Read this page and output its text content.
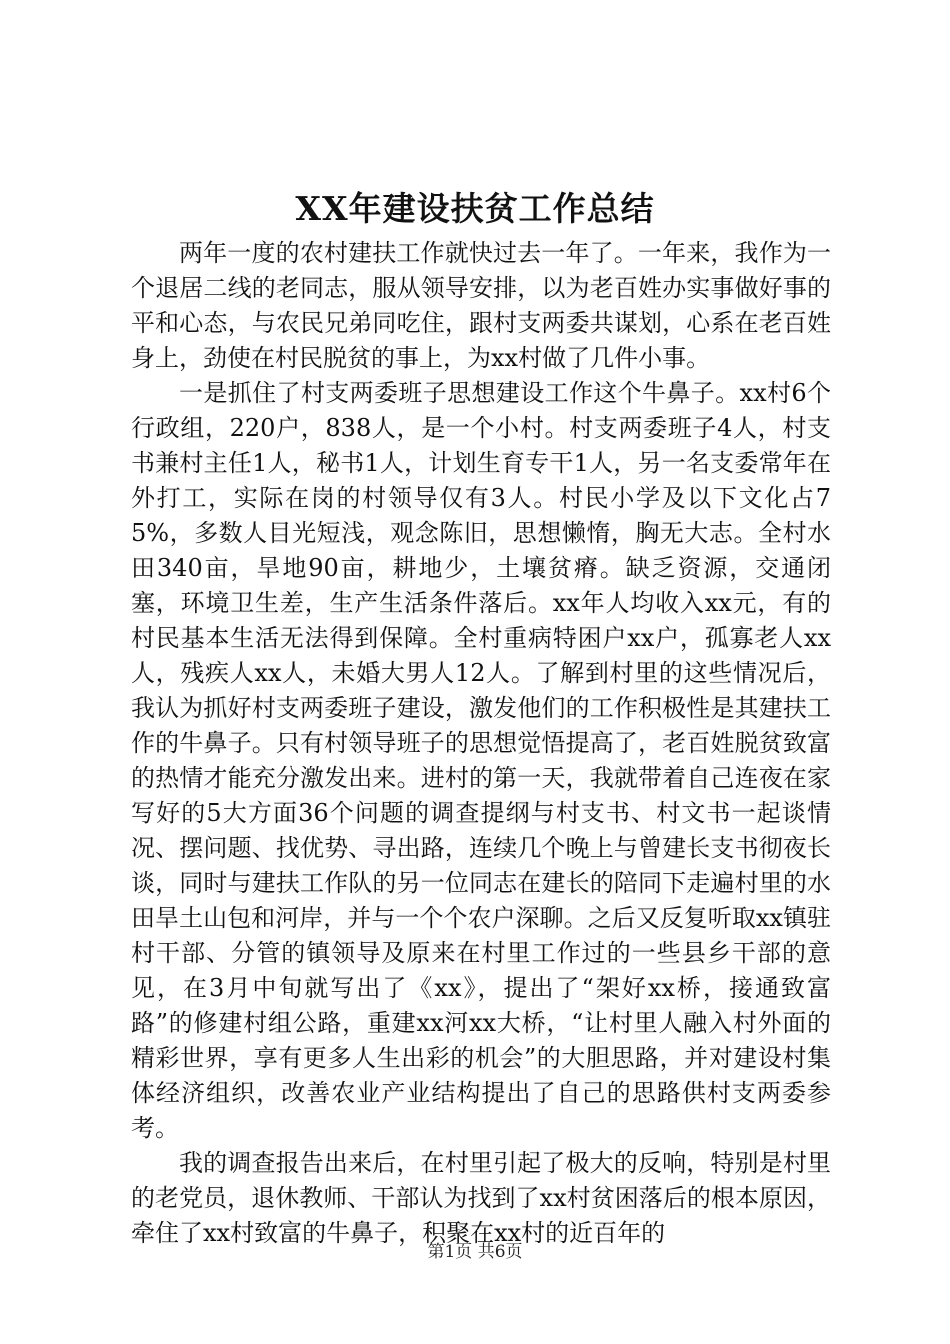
XX年建设扶贫工作总结

两年一度的农村建扶工作就快过去一年了。一年来，我作为一个退居二线的老同志，服从领导安排，以为老百姓办实事做好事的平和心态，与农民兄弟同吃住，跟村支两委共谋划，心系在老百姓身上，劲使在村民脱贫的事上，为xx村做了几件小事。

一是抓住了村支两委班子思想建设工作这个牛鼻子。xx村6个行政组，220户，838人，是一个小村。村支两委班子4人，村支书兼村主任1人，秘书1人，计划生育专干1人，另一名支委常年在外打工，实际在岗的村领导仅有3人。村民小学及以下文化占75%，多数人目光短浅，观念陈旧，思想懒惰，胸无大志。全村水田340亩，旱地90亩，耕地少，土壤贫瘠。缺乏资源，交通闭塞，环境卫生差，生产生活条件落后。xx年人均收入xx元，有的村民基本生活无法得到保障。全村重病特困户xx户，孤寡老人xx人，残疾人xx人，未婚大男人12人。了解到村里的这些情况后，我认为抓好村支两委班子建设，激发他们的工作积极性是其建扶工作的牛鼻子。只有村领导班子的思想觉悟提高了，老百姓脱贫致富的热情才能充分激发出来。进村的第一天，我就带着自己连夜在家写好的5大方面36个问题的调查提纲与村支书、村文书一起谈情况、摆问题、找优势、寻出路，连续几个晚上与曾建长支书彻夜长谈，同时与建扶工作队的另一位同志在建长的陪同下走遍村里的水田旱土山包和河岸，并与一个个农户深聊。之后又反复听取xx镇驻村干部、分管的镇领导及原来在村里工作过的一些县乡干部的意见，在3月中旬就写出了《xx》，提出了“架好xx桥，接通致富路”的修建村组公路，重建xx河xx大桥，“让村里人融入村外面的精彩世界，享有更多人生出彩的机会”的大胆思路，并对建设村集体经济组织，改善农业产业结构提出了自己的思路供村支两委参考。

我的调查报告出来后，在村里引起了极大的反响，特别是村里的老党员，退休教师、干部认为找到了xx村贫困落后的根本原因，牵住了xx村致富的牛鼻子，积聚在xx村的近百年的

第1页 共6页
